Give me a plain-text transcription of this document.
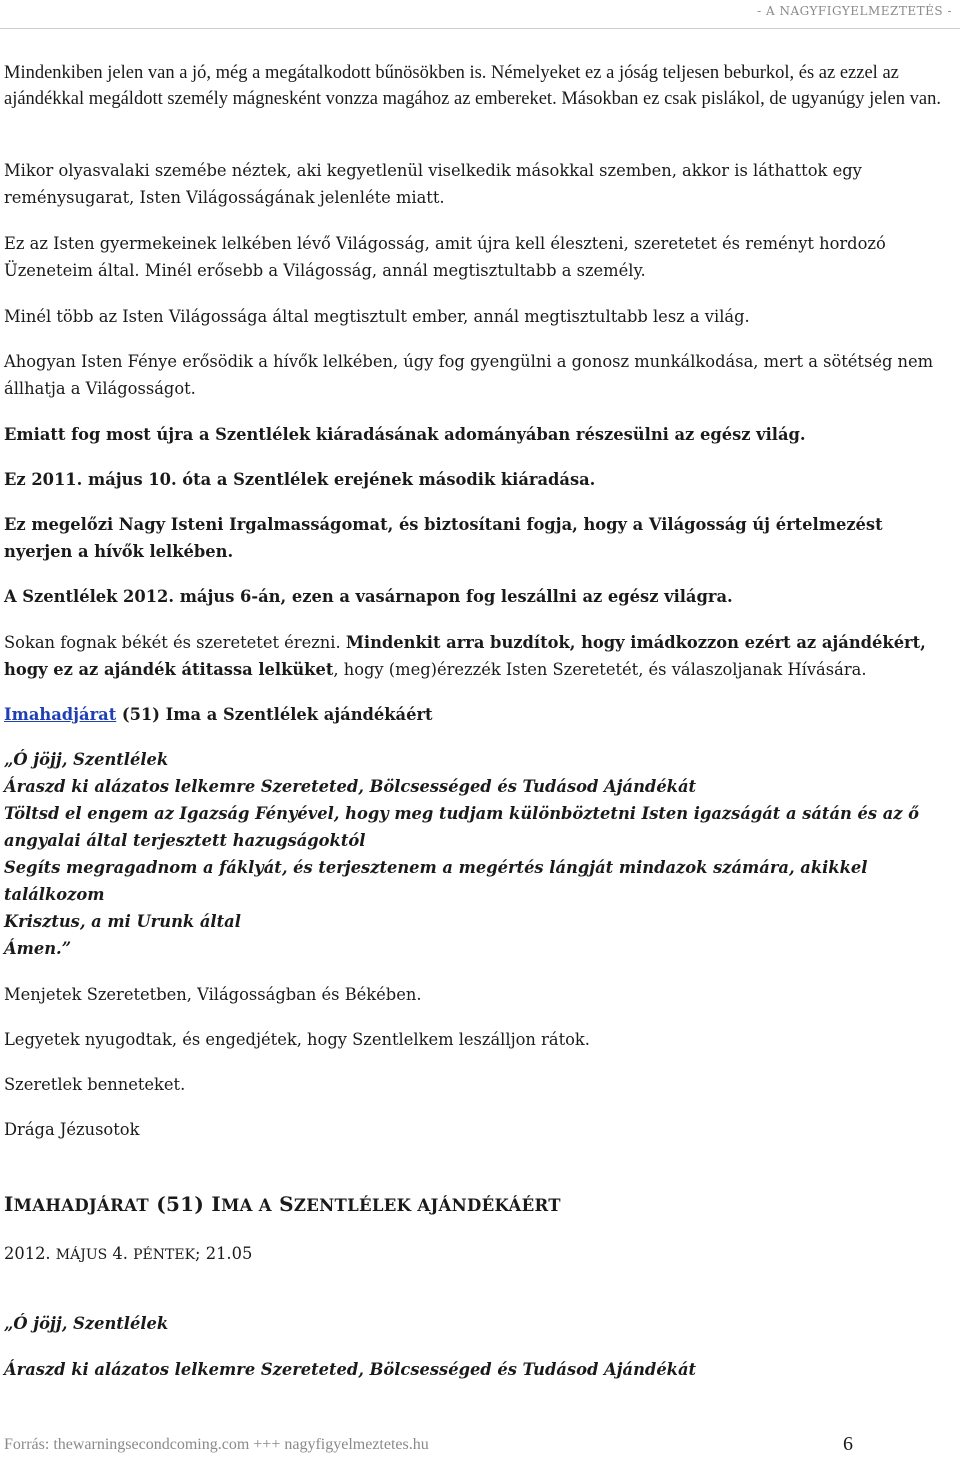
- A NAGYFIGYELMEZTETÉS -

Mindenkiben jelen van a jó, még a megátalkodott bűnösökben is. Némelyeket ez a jóság teljesen beburkol, és az ezzel az ajándékkal megáldott személy mágnesként vonzza magához az embereket. Másokban ez csak pislákol, de ugyanúgy jelen van.

Mikor olyasvalaki szemébe néztek, aki kegyetlenül viselkedik másokkal szemben, akkor is láthattok egy reménysugarat, Isten Világosságának jelenléte miatt.

Ez az Isten gyermekeinek lelkében lévő Világosság, amit újra kell éleszteni, szeretetet és reményt hordozó Üzeneteim által. Minél erősebb a Világosság, annál megtisztultabb a személy.

Minél több az Isten Világossága által megtisztult ember, annál megtisztultabb lesz a világ.

Ahogyan Isten Fénye erősödik a hívők lelkében, úgy fog gyengülni a gonosz munkálkodása, mert a sötétség nem állhatja a Világosságot.

Emiatt fog most újra a Szentlélek kiáradásának adományában részesülni az egész világ.

Ez 2011. május 10. óta a Szentlélek erejének második kiáradása.

Ez megelőzi Nagy Isteni Irgalmasságomat, és biztosítani fogja, hogy a Világosság új értelmezést nyerjen a hívők lelkében.

A Szentlélek 2012. május 6-án, ezen a vasárnapon fog leszállni az egész világra.

Sokan fognak békét és szeretetet érezni. Mindenkit arra buzdítok, hogy imádkozzon ezért az ajándékért, hogy ez az ajándék átitassa lelküket, hogy (meg)érezzék Isten Szeretetét, és válaszoljanak Hívására.

Imahadjárat (51) Ima a Szentlélek ajándékáért

„Ó jöjj, Szentlélek
Áraszd ki alázatos lelkemre Szereteted, Bölcsességed és Tudásod Ajándékát
Töltsd el engem az Igazság Fényével, hogy meg tudjam különböztetni Isten igazságát a sátán és az ő angyalai által terjesztett hazugságoktól
Segíts megragadnom a fáklyát, és terjesztenem a megértés lángját mindazok számára, akikkel találkozom
Krisztus, a mi Urunk által
Ámen.”

Menjetek Szeretetben, Világosságban és Békében.

Legyetek nyugodtak, és engedjétek, hogy Szentlelkem leszálljon rátok.

Szeretlek benneteket.

Drága Jézusotok

IMAHADJÁRAT (51) IMA A SZENTLÉLEK AJÁNDÉKÁÉRT
2012. MÁJUS 4. PÉNTEK; 21.05

„Ó jöjj, Szentlélek

Áraszd ki alázatos lelkemre Szereteted, Bölcsességed és Tudásod Ajándékát

Forrás: thewarningsecondcoming.com +++ nagyfigyelmeztetes.hu	6
